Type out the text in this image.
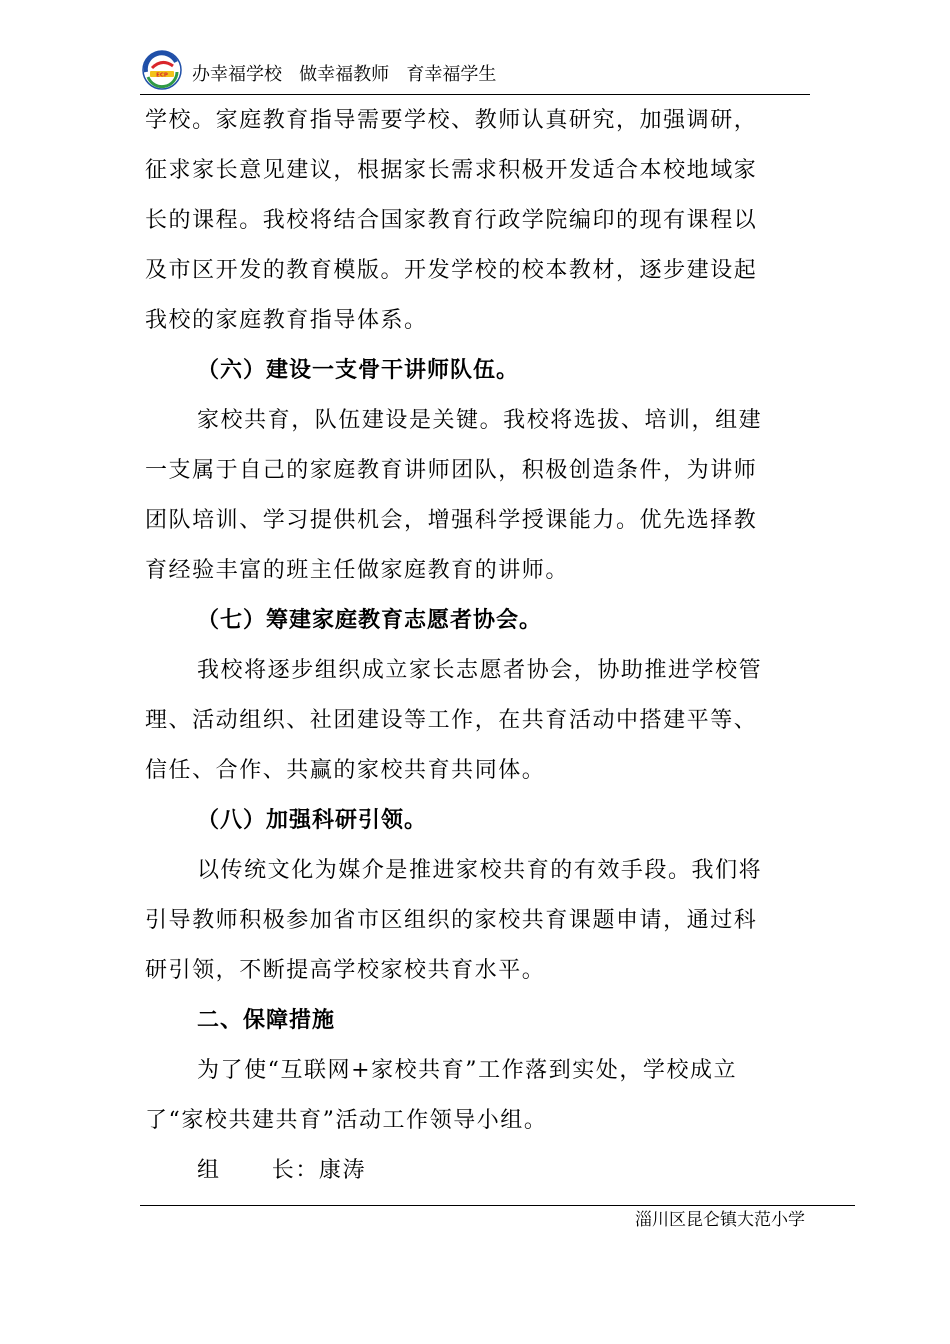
ECP 办幸福学校   做幸福教师   育幸福学生
学校。家庭教育指导需要学校、教师认真研究，加强调研，
征求家长意见建议，根据家长需求积极开发适合本校地域家
长的课程。我校将结合国家教育行政学院编印的现有课程以
及市区开发的教育模版。开发学校的校本教材，逐步建设起
我校的家庭教育指导体系。
（六）建设一支骨干讲师队伍。
家校共育，队伍建设是关键。我校将选拔、培训，组建
一支属于自己的家庭教育讲师团队，积极创造条件，为讲师
团队培训、学习提供机会，增强科学授课能力。优先选择教
育经验丰富的班主任做家庭教育的讲师。
（七）筹建家庭教育志愿者协会。
我校将逐步组织成立家长志愿者协会，协助推进学校管
理、活动组织、社团建设等工作，在共育活动中搭建平等、
信任、合作、共赢的家校共育共同体。
（八）加强科研引领。
以传统文化为媒介是推进家校共育的有效手段。我们将
引导教师积极参加省市区组织的家校共育课题申请，通过科
研引领，不断提高学校家校共育水平。
二、保障措施
为了使“互联网+家校共育”工作落到实处，学校成立
了“家校共建共育”活动工作领导小组。
组      长：康涛
淄川区昆仑镇大范小学
